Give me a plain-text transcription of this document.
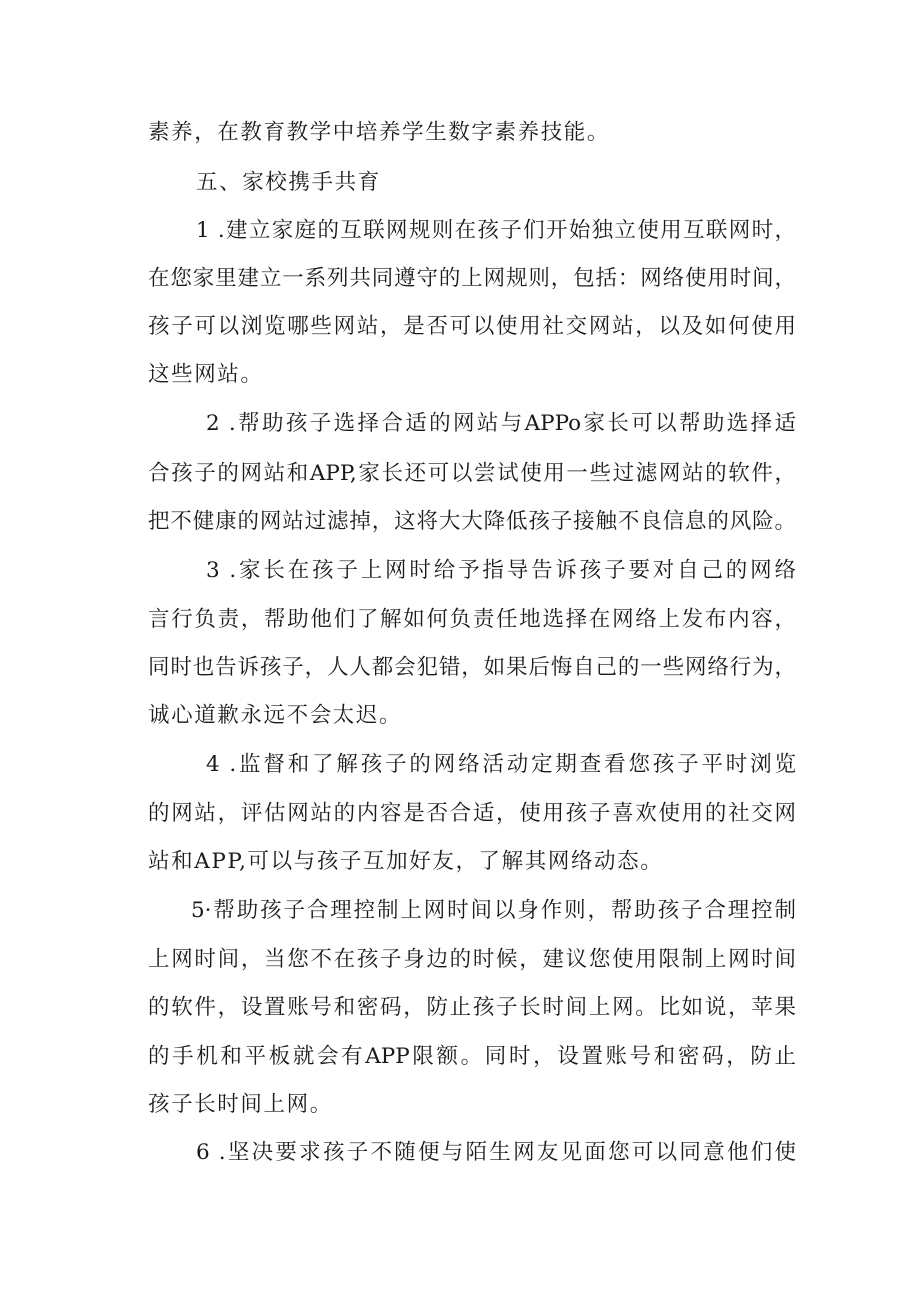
素养，在教育教学中培养学生数字素养技能。
五、家校携手共育
1 .建立家庭的互联网规则在孩子们开始独立使用互联网时，
在您家里建立一系列共同遵守的上网规则，包括：网络使用时间，
孩子可以浏览哪些网站，是否可以使用社交网站，以及如何使用
这些网站。
2 .帮助孩子选择合适的网站与APPo家长可以帮助选择适
合孩子的网站和APP,家长还可以尝试使用一些过滤网站的软件，
把不健康的网站过滤掉，这将大大降低孩子接触不良信息的风险。
3 .家长在孩子上网时给予指导告诉孩子要对自己的网络
言行负责，帮助他们了解如何负责任地选择在网络上发布内容，
同时也告诉孩子，人人都会犯错，如果后悔自己的一些网络行为，
诚心道歉永远不会太迟。
4 .监督和了解孩子的网络活动定期查看您孩子平时浏览
的网站，评估网站的内容是否合适，使用孩子喜欢使用的社交网
站和APP,可以与孩子互加好友，了解其网络动态。
5·帮助孩子合理控制上网时间以身作则，帮助孩子合理控制
上网时间，当您不在孩子身边的时候，建议您使用限制上网时间
的软件，设置账号和密码，防止孩子长时间上网。比如说，苹果
的手机和平板就会有APP限额。同时，设置账号和密码，防止
孩子长时间上网。
6 .坚决要求孩子不随便与陌生网友见面您可以同意他们使
